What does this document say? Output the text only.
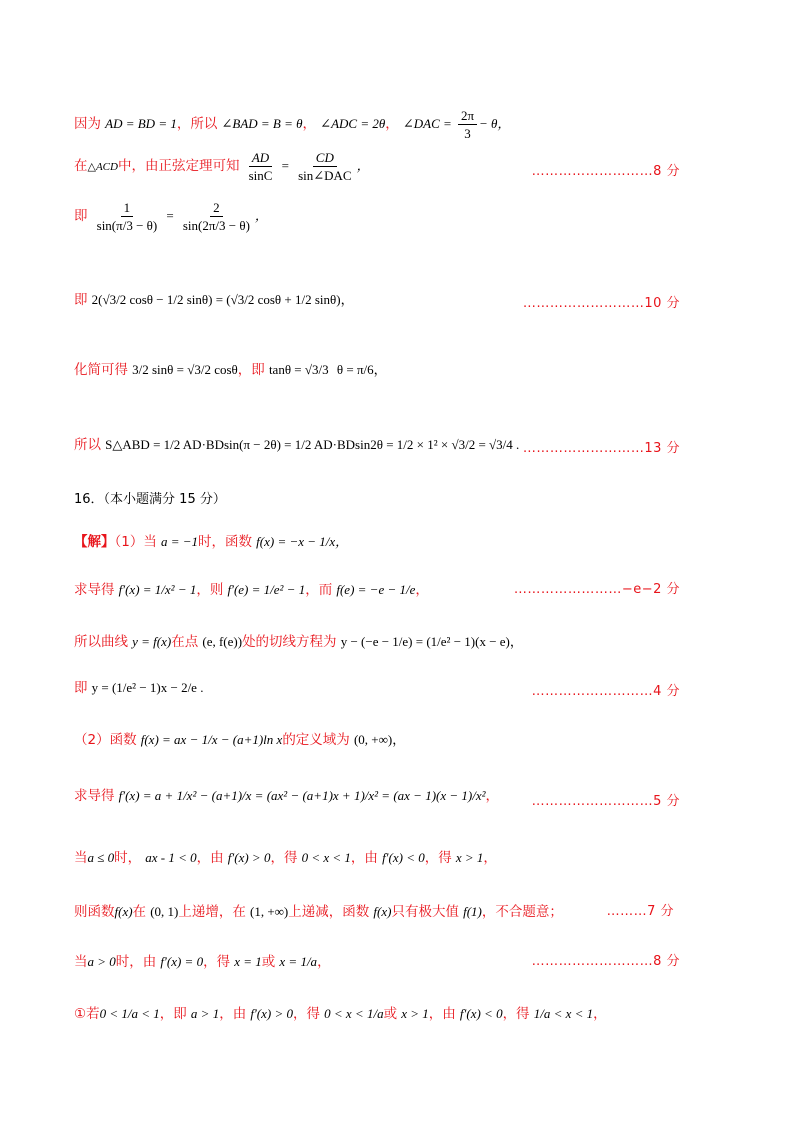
因为 AD = BD = 1，所以 ∠BAD = B = θ， ∠ADC = 2θ， ∠DAC = $\frac{2\pi}{3} - \theta$，
在△ACD中，由正弦定理可知 $\frac{AD}{\sin C} = \frac{CD}{\text{sin∠DAC}}$ ，	………………………8 分
即 $\frac{1}{\sin(\pi/3 - \theta)} = \frac{2}{\sin(2\pi/3 - \theta)}$ ，
即 2(√3/2 cosθ − 1/2 sinθ) = (√3/2 cosθ + 1/2 sinθ)，	………………………10 分
化简可得 3/2 sinθ = √3/2 cosθ，即 tanθ = √3/3 θ = π/6，
所以 S△ABD = 1/2 AD·BDsin(π − 2θ) = 1/2 AD·BDsin2θ = 1/2 × 1² × √3/2 = √3/4 . ………………………13 分
16．（本小题满分 15 分）
【解】（1）当 a = −1时，函数 f(x) = −x − 1/x，
求导得 f′(x) = 1/x² − 1，则 f′(e) = 1/e² − 1，而 f(e) = −e − 1/e，	……………………−e−2 分
所以曲线 y = f(x)在点 (e, f(e))处的切线方程为 y − (−e − 1/e) = (1/e² − 1)(x − e)，
即 y = (1/e² − 1)x − 2/e .	………………………4 分
（2）函数 f(x) = ax − 1/x − (a+1)ln x的定义域为 (0, +∞)，
求导得 f′(x) = a + 1/x² − (a+1)/x = (ax² − (a+1)x + 1)/x² = (ax − 1)(x − 1)/x²，	………………………5 分
当a ≤ 0时， ax - 1 < 0，由 f′(x) > 0，得 0 < x < 1，由 f′(x) < 0，得 x > 1，
则函数f(x)在 (0, 1)上递增，在 (1, +∞)上递减，函数 f(x)只有极大值 f(1)，不合题意；	………7 分
当a > 0时，由 f′(x) = 0，得 x = 1或 x = 1/a，	………………………8 分
①若0 < 1/a < 1，即 a > 1，由 f′(x) > 0，得 0 < x < 1/a或 x > 1，由 f′(x) < 0，得 1/a < x < 1，
